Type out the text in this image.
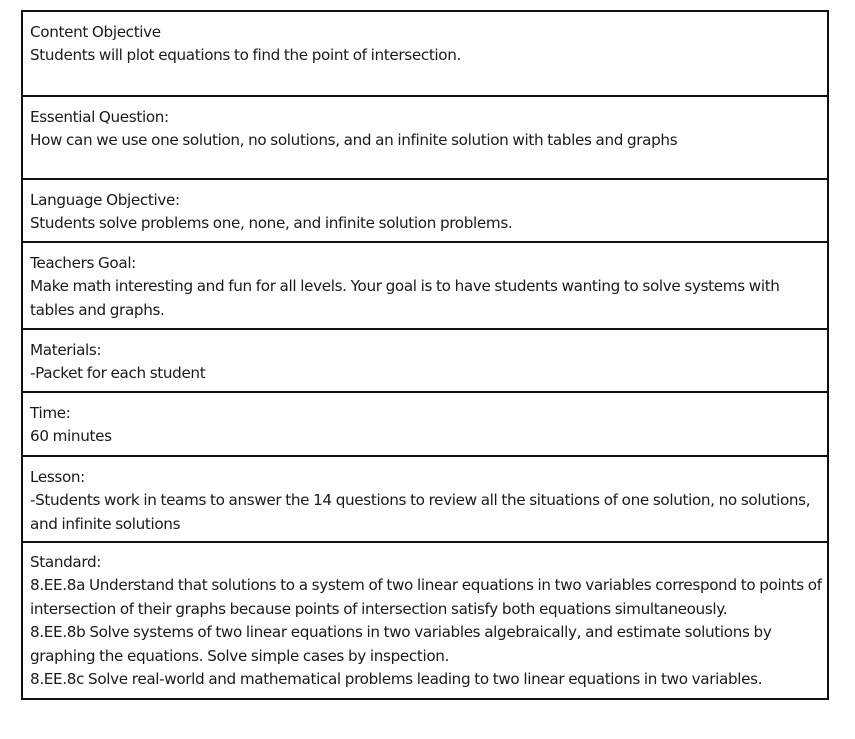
Content Objective

Students will plot equations to find the point of intersection.

Essential Question:

How can we use one solution, no solutions, and an infinite solution with tables and graphs

Language Objective:

Students solve problems one, none, and infinite solution problems.

Teachers Goal:

Make math interesting and fun for all levels. Your goal is to have students wanting to solve systems with
tables and graphs.

Materials:

-Packet for each student

Time:

60 minutes

Lesson:

-Students work in teams to answer the 14 questions to review all the situations of one solution, no solutions,
and infinite solutions

Standard:

8.EE.8a Understand that solutions to a system of two linear equations in two variables correspond to points of
intersection of their graphs because points of intersection satisfy both equations simultaneously.
8.EE.8b Solve systems of two linear equations in two variables algebraically, and estimate solutions by
graphing the equations. Solve simple cases by inspection.
8.EE.8c Solve real-world and mathematical problems leading to two linear equations in two variables.
